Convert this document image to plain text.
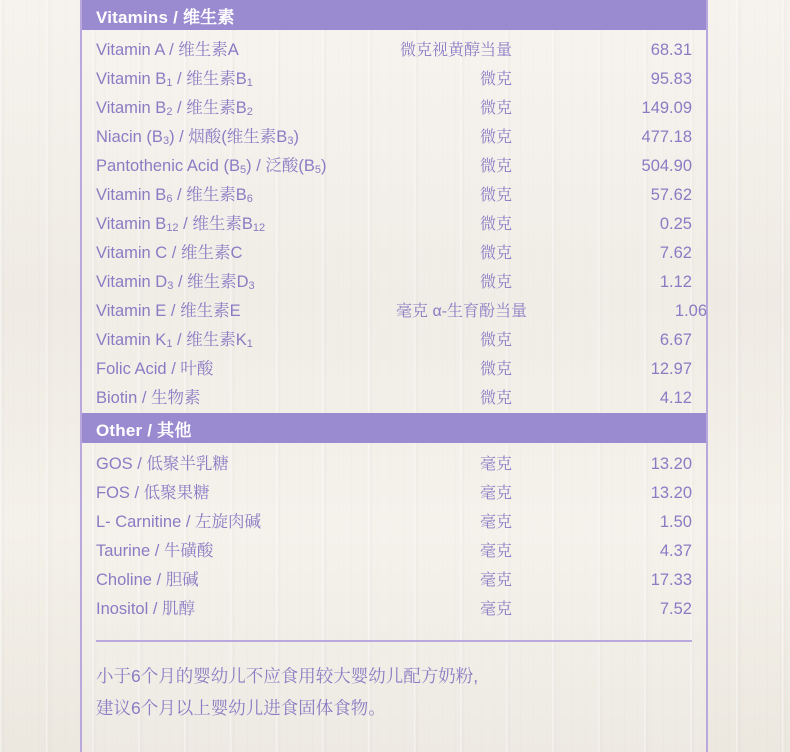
Vitamins / 维生素
Vitamin A / 维生素A	微克视黄醇当量	68.31
Vitamin $B_1$ / 维生素$B_1$	微克	95.83
Vitamin $B_2$ / 维生素$B_2$	微克	149.09
Niacin $(B_3)$ / 烟酸(维生素$B_3$)	微克	477.18
Pantothenic Acid $(B_5)$ / 泛酸$(B_5)$	微克	504.90
Vitamin $B_6$ / 维生素$B_6$	微克	57.62
Vitamin $B_{12}$ / 维生素$B_{12}$	微克	0.25
Vitamin C / 维生素C	微克	7.62
Vitamin $D_3$ / 维生素$D_3$	微克	1.12
Vitamin E / 维生素E	毫克 α-生育酚当量	1.06
Vitamin $K_1$ / 维生素$K_1$	微克	6.67
Folic Acid / 叶酸	微克	12.97
Biotin / 生物素	微克	4.12
Other / 其他
GOS / 低聚半乳糖	毫克	13.20
FOS / 低聚果糖	毫克	13.20
L- Carnitine / 左旋肉碱	毫克	1.50
Taurine / 牛磺酸	毫克	4.37
Choline / 胆碱	毫克	17.33
Inositol / 肌醇	毫克	7.52
小于6个月的婴幼儿不应食用较大婴幼儿配方奶粉,
建议6个月以上婴幼儿进食固体食物。
